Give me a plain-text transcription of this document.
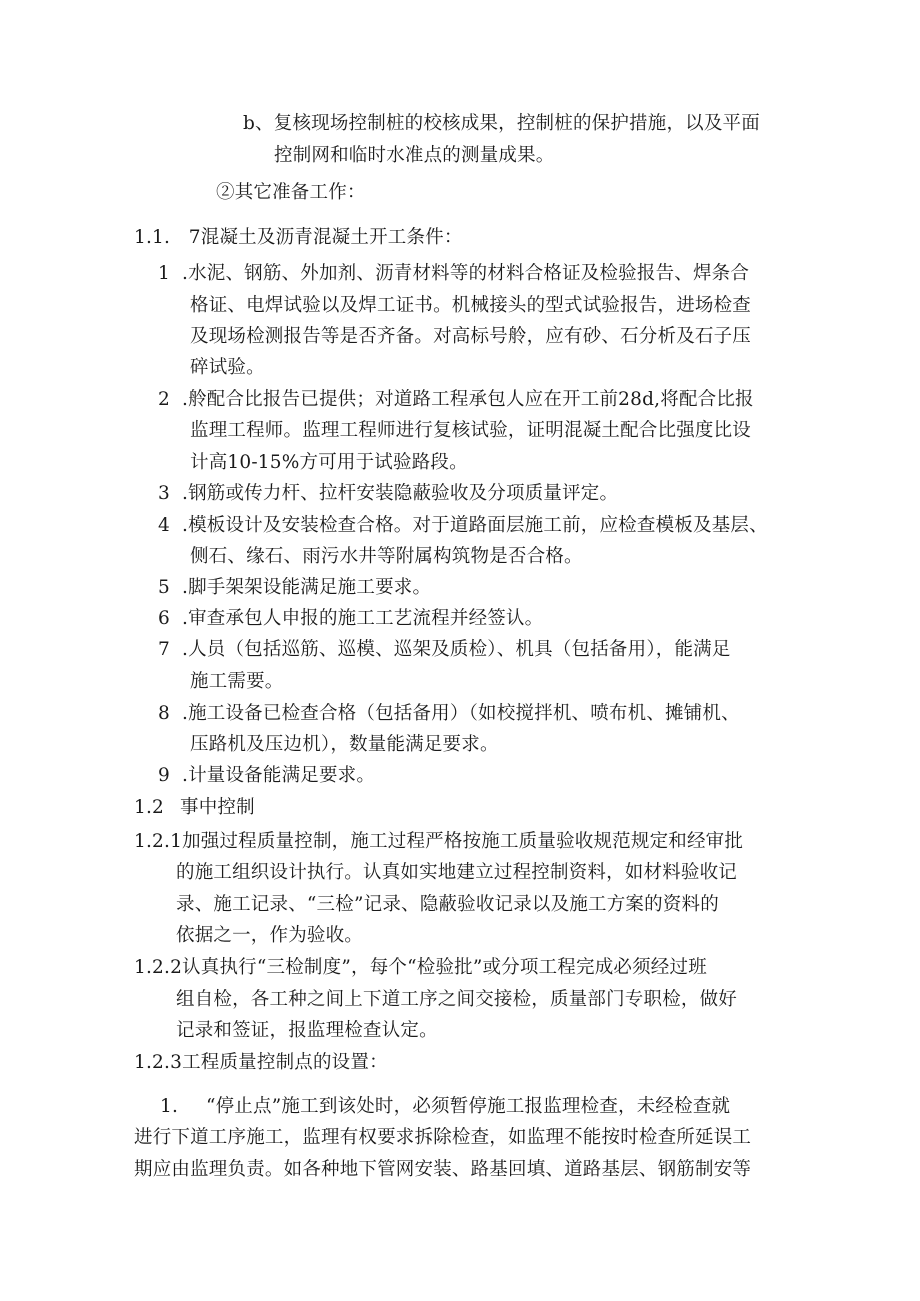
b、复核现场控制桩的校核成果，控制桩的保护措施，以及平面
控制网和临时水准点的测量成果。
②其它准备工作：
1.1.　7混凝土及沥青混凝土开工条件：
1 .水泥、钢筋、外加剂、沥青材料等的材料合格证及检验报告、焊条合
格证、电焊试验以及焊工证书。机械接头的型式试验报告，进场检查
及现场检测报告等是否齐备。对高标号舲，应有砂、石分析及石子压
碎试验。
2 .舲配合比报告已提供；对道路工程承包人应在开工前28d,将配合比报
监理工程师。监理工程师进行复核试验，证明混凝土配合比强度比设
计高10-15%方可用于试验路段。
3 .钢筋或传力杆、拉杆安装隐蔽验收及分项质量评定。
4 .模板设计及安装检查合格。对于道路面层施工前，应检查模板及基层、
侧石、缘石、雨污水井等附属构筑物是否合格。
5 .脚手架架设能满足施工要求。
6 .审查承包人申报的施工工艺流程并经签认。
7 .人员（包括巡筋、巡模、巡架及质检）、机具（包括备用），能满足
施工需要。
8 .施工设备已检查合格（包括备用）（如校搅拌机、喷布机、摊铺机、
压路机及压边机），数量能满足要求。
9 .计量设备能满足要求。
1.2 事中控制
1.2.1加强过程质量控制，施工过程严格按施工质量验收规范规定和经审批
的施工组织设计执行。认真如实地建立过程控制资料，如材料验收记
录、施工记录、“三检”记录、隐蔽验收记录以及施工方案的资料的
依据之一，作为验收。
1.2.2认真执行“三检制度”，每个“检验批”或分项工程完成必须经过班
组自检，各工种之间上下道工序之间交接检，质量部门专职检，做好
记录和签证，报监理检查认定。
1.2.3工程质量控制点的设置：
1. “停止点”施工到该处时，必须暂停施工报监理检查，未经检查就
进行下道工序施工，监理有权要求拆除检查，如监理不能按时检查所延误工
期应由监理负责。如各种地下管网安装、路基回填、道路基层、钢筋制安等
